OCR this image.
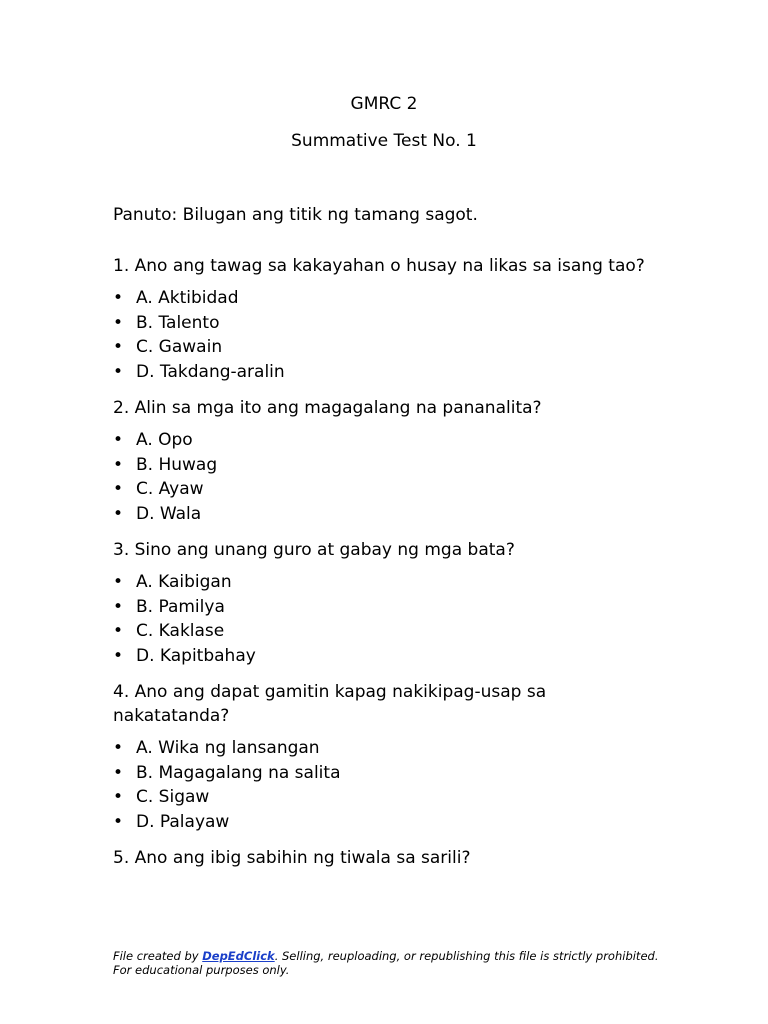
GMRC 2
Summative Test No. 1

Panuto: Bilugan ang titik ng tamang sagot.

1. Ano ang tawag sa kakayahan o husay na likas sa isang tao?

• A. Aktibidad
• B. Talento
• C. Gawain
• D. Takdang-aralin

2. Alin sa mga ito ang magagalang na pananalita?

• A. Opo
• B. Huwag
• C. Ayaw
• D. Wala

3. Sino ang unang guro at gabay ng mga bata?

• A. Kaibigan
• B. Pamilya
• C. Kaklase
• D. Kapitbahay

4. Ano ang dapat gamitin kapag nakikipag-usap sa nakatatanda?

• A. Wika ng lansangan
• B. Magagalang na salita
• C. Sigaw
• D. Palayaw

5. Ano ang ibig sabihin ng tiwala sa sarili?

File created by DepEdClick. Selling, reuploading, or republishing this file is strictly prohibited.
For educational purposes only.
